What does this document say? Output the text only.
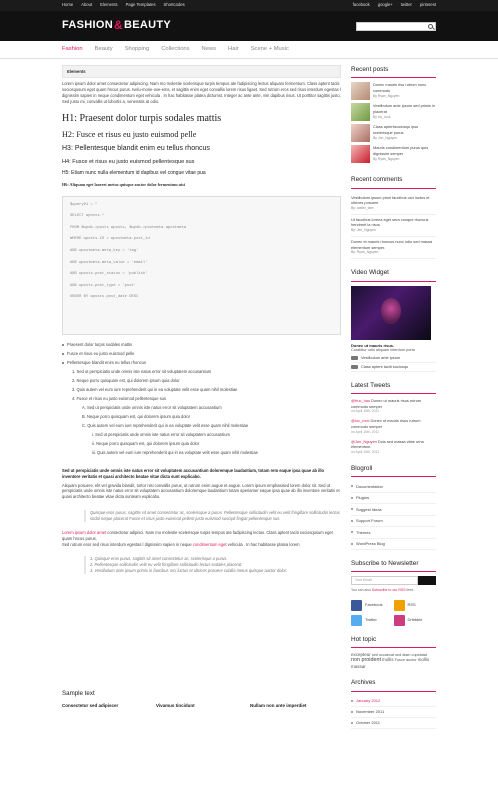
Home About Elements Page Templates Shortcodes	facebook google+ twitter pinterest
FASHION & BEAUTY
Fashion Beauty Shopping Collections News Hair Scene + Music
Elements

Lorem ipsum dolor amet consectetur adipiscing. Nam mo molestie scelerisque turpis tempus ate fadipiscing lectus aliquam fermentum. Class aptent taciti sociosqusum eget quam hncus purus. Ivelu-morie-ove-ems, et sagittis enim eget convallis lorem risus ligaet. Sed rutrum eros sed risus interdum egestas l dignissim sapien in neque condimentum eget vehicula . In hac habitasse platea dictumst. Integer ac ante ante, vim dapibus risus. Ut porttitor sagittis justo, Sed justo mi, convallis ut lobortis a, venenatis at odio.

H1: Praesent dolor turpis sodales mattis
H2: Fusce et risus eu justo euismod pelle
H3: Pellentesque blandit enim eu tellus rhoncus
H4: Fusce et risus eu justo euismod pellentesque sus
H5: Etiam nunc nulla elementum id dapibus vel congue vitae pua
H6: Aliquam eget laoreet metus quisque auctor dolor fermentum nisi
$query01 = "
SELECT wposts.*
FROM $wpdb->posts wposts, $wpdb->postmeta wpostmeta
WHERE wposts.ID = wpostmeta.post_id
AND wpostmeta.meta_key = 'tag'
AND wpostmeta.meta_value = 'email'
AND wposts.post_status = 'publish'
AND wposts.post_type = 'post'
ORDER BY wposts.post_date DESC
Praesent dolor turpis sodales mattis
Fusce et risus eu justo euismod pelle
Pellentesque blandit enim eu tellus rhoncus
1. Sed ut perspiciatis unde omnis iste natus error sit voluptatem accusantium
2. Neque porro quisquam est, qui dolorem ipsum quia dolor
3. Quis autem vel eum iure reprehenderit qui in ea voluptate velit esse quam nihil molestiae
4. Fusce et risus eu justo euismod pellentesque sus
A. Sed ut perspiciatis unde omnis iste natus error sit voluptatem accusantium
B. Neque porro quisquam est, qui dolorem ipsum quia dolor
C. Quis autem vel eum iure reprehenderit qui in ea voluptate velit esse quam nihil molestiae
i. Sed ut perspiciatis unde omnis iste natus error sit voluptatem accusantium
ii. Neque porro quisquam est, qui dolorem ipsum quia dolor
iii. Quis autem vel eum iure reprehenderit qui in ea voluptate velit esse quam nihil molestiae

Sed ut perspiciatis unde omnis iste natus error sit voluptatem accusantium doloremque laudantium, totam rem eaque ipsa quae ab illo inventore veritatis et quasi architecto beatae vitae dicta sunt explicabo.

Aliquam posuere, elit vel gravida blandit, tortor nisi convallis purus, ut rutrum enim augue et augue. Lorem ipsum emphasised lorem dolor sit. Sed ut perspiciatis unde omnis iste natus error sit voluptatem accusantium doloremque laudantium totam aperiamer eaque ipsa quae ab illo inventore veritatis et quasi architecto beatae vitae dicta sunteam explicabo.

Quisque eros purus, sagittis sit amet consectetur ac, scelerisque a purus. Pellentesque sollicitudin velit eu velit fringillare sollicitudin lectus sodal neque placerat Fusce et risus justo euismod pellent justo euismod suscipit fingiat pellentesque sus.

Lorem ipsum dolor amet consectetur adipisci. Nam mo molestie scelerisque turpis tempus ate fadipiscing lectus. Class aptent taciti sociosqusum eget quam hncus purus.

Sed rutrum eros sed risus interdum egestas l dignissim sapien in neque condimentum eget vehicula . In hac habitasse platea lorem

1. Quisque eros purus, sagittis sit amet consectetur ac, scelerisque a purus.
2. Pellentesque sollicitudin velit eu velit fringillare sollicitudin lectus sodales placerat.
3. Vestibulum ante ipsum primis in faucibus orci luctus et ultrices posuere cubilia metus quisque auctor dolor.
Sample text
Consectetur sed adipiscer	Vivamus tincidunt	Nullam non ante imperdiet
Recent posts
Donec mauris risu rutrum nunc commodo
By Ryan_Nguyen
Vestibulum ante ipsum sed primis in placerat
By lov_rock
Class aptentsociosqu ipsu scelerisque purus
By Jon_Nguyen
Mauris condimentum purus quis dignissim semper
By Ryan_Nguyen
Recent comments
Vestibulum ipsum primi faucibus orci luctus et ultrices posuere
By: walter_tam
Ut faucibus lorena eget sera conque rhoncus hendrerit la risus
By: Jen_Nguyen
Donec et mauris rhoncus nunc odio sed massa elementum semper.
By: Ryan_Nguyen
Video Widget
Donec ut mauris risus.
Curabitur odio aliquam interdum porta
Vestibulum ante ipsum
Class aptent taciti sociosqu
Latest Tweets
@fruc_hau Donec ut mauris risus rutrum commodo semper
on April 15th, 2011
@lov_rock Donec ut mauris risus rutrum commodo semper
on April 15th, 2011
@Jon_Nguyen Duis sed massa vitae urna elementum.
on April 15th, 2011
Blogroll
Documentation
Plugins
Suggest Ideas
Support Forum
Themes
WordPress Blog
Subscribe to Newsletter
Your Email
You can also Subscribe to our RSS feed
Facebook	RSS
Twitter	Dribbble
Hot topic
excepteur sint occaecat sed diam cupidatat non proident mollis Fusce auctor mollis massar
Archives
January 2012
November 2011
October 2011
